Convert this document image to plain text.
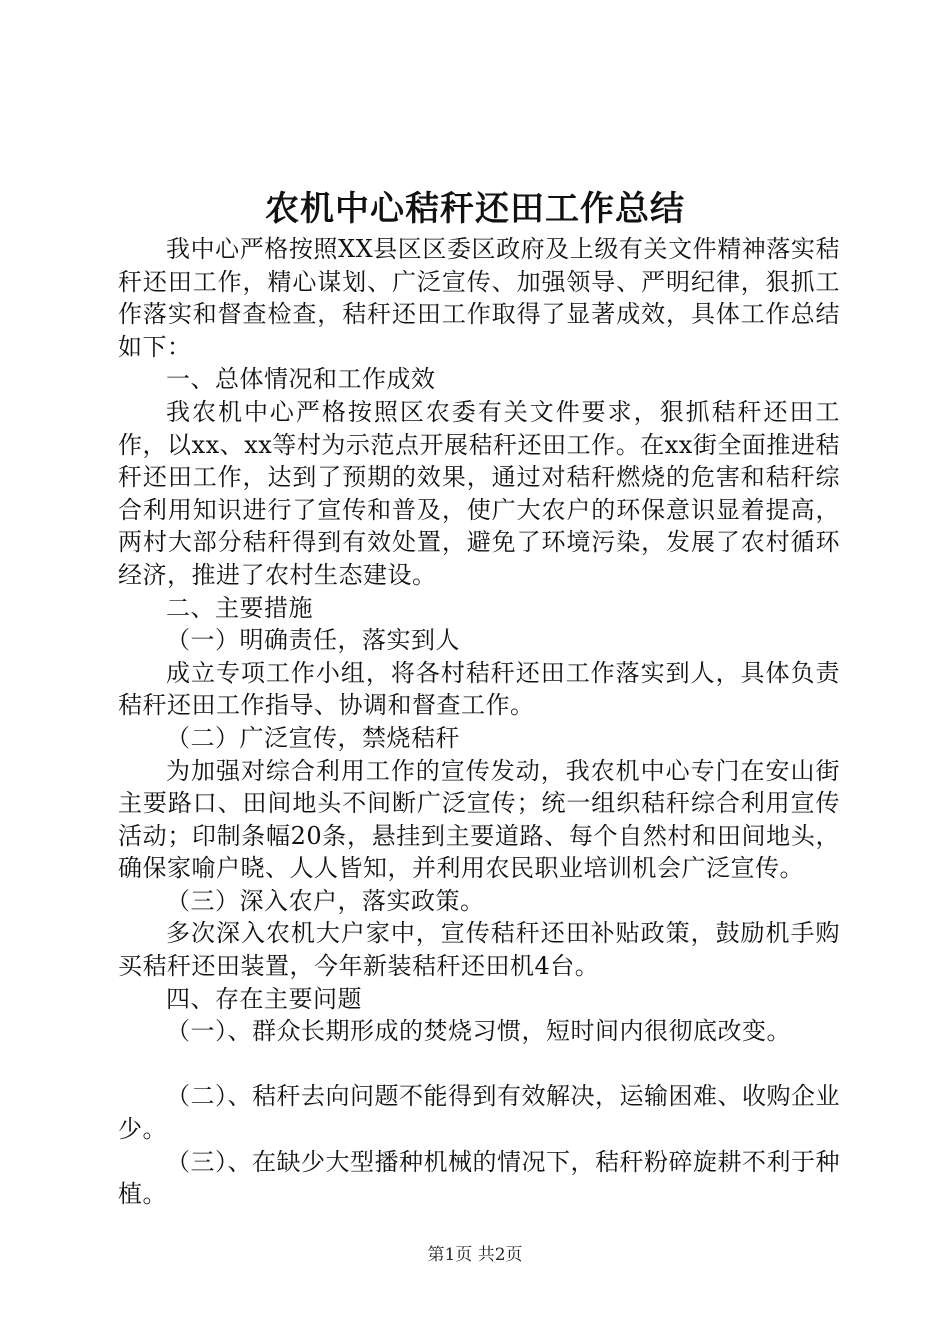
农机中心秸秆还田工作总结

我中心严格按照XX县区区委区政府及上级有关文件精神落实秸秆还田工作，精心谋划、广泛宣传、加强领导、严明纪律，狠抓工作落实和督查检查，秸秆还田工作取得了显著成效，具体工作总结如下：

一、总体情况和工作成效

我农机中心严格按照区农委有关文件要求，狠抓秸秆还田工作，以xx、xx等村为示范点开展秸秆还田工作。在xx街全面推进秸秆还田工作，达到了预期的效果，通过对秸秆燃烧的危害和秸秆综合利用知识进行了宣传和普及，使广大农户的环保意识显着提高，两村大部分秸秆得到有效处置，避免了环境污染，发展了农村循环经济，推进了农村生态建设。

二、主要措施

（一）明确责任，落实到人

成立专项工作小组，将各村秸秆还田工作落实到人，具体负责秸秆还田工作指导、协调和督查工作。

（二）广泛宣传，禁烧秸秆

为加强对综合利用工作的宣传发动，我农机中心专门在安山街主要路口、田间地头不间断广泛宣传；统一组织秸秆综合利用宣传活动；印制条幅20条，悬挂到主要道路、每个自然村和田间地头，确保家喻户晓、人人皆知，并利用农民职业培训机会广泛宣传。

（三）深入农户，落实政策。

多次深入农机大户家中，宣传秸秆还田补贴政策，鼓励机手购买秸秆还田装置，今年新装秸秆还田机4台。

四、存在主要问题

（一）、群众长期形成的焚烧习惯，短时间内很彻底改变。

（二）、秸秆去向问题不能得到有效解决，运输困难、收购企业少。

（三）、在缺少大型播种机械的情况下，秸秆粉碎旋耕不利于种植。

第1页 共2页
